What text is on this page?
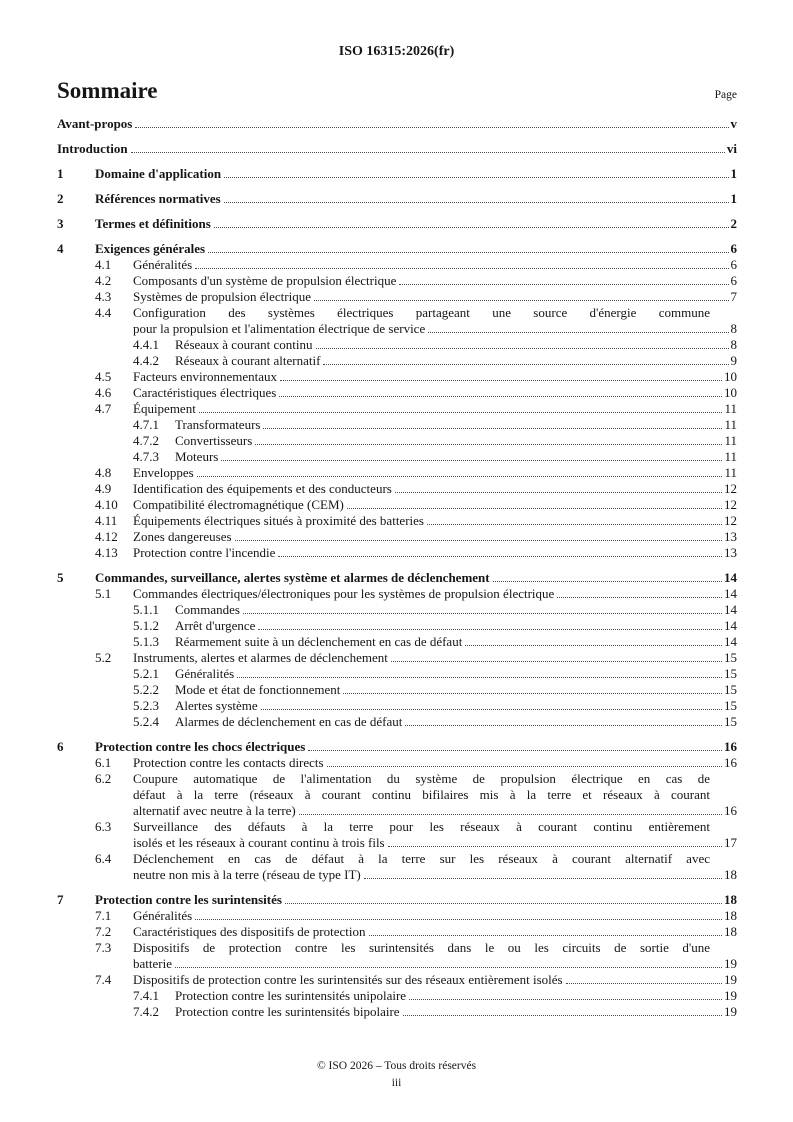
ISO 16315:2026(fr)
Sommaire	Page
Avant-propos	v
Introduction	vi
1	Domaine d'application	1
2	Références normatives	1
3	Termes et définitions	2
4	Exigences générales	6
4.1	Généralités	6
4.2	Composants d'un système de propulsion électrique	6
4.3	Systèmes de propulsion électrique	7
4.4	Configuration des systèmes électriques partageant une source d'énergie commune
pour la propulsion et l'alimentation électrique de service	8
4.4.1	Réseaux à courant continu	8
4.4.2	Réseaux à courant alternatif	9
4.5	Facteurs environnementaux	10
4.6	Caractéristiques électriques	10
4.7	Équipement	11
4.7.1	Transformateurs	11
4.7.2	Convertisseurs	11
4.7.3	Moteurs	11
4.8	Enveloppes	11
4.9	Identification des équipements et des conducteurs	12
4.10	Compatibilité électromagnétique (CEM)	12
4.11	Équipements électriques situés à proximité des batteries	12
4.12	Zones dangereuses	13
4.13	Protection contre l'incendie	13
5	Commandes, surveillance, alertes système et alarmes de déclenchement	14
5.1	Commandes électriques/électroniques pour les systèmes de propulsion électrique	14
5.1.1	Commandes	14
5.1.2	Arrêt d'urgence	14
5.1.3	Réarmement suite à un déclenchement en cas de défaut	14
5.2	Instruments, alertes et alarmes de déclenchement	15
5.2.1	Généralités	15
5.2.2	Mode et état de fonctionnement	15
5.2.3	Alertes système	15
5.2.4	Alarmes de déclenchement en cas de défaut	15
6	Protection contre les chocs électriques	16
6.1	Protection contre les contacts directs	16
6.2	Coupure automatique de l'alimentation du système de propulsion électrique en cas de
défaut à la terre (réseaux à courant continu bifilaires mis à la terre et réseaux à courant
alternatif avec neutre à la terre)	16
6.3	Surveillance des défauts à la terre pour les réseaux à courant continu entièrement
isolés et les réseaux à courant continu à trois fils	17
6.4	Déclenchement en cas de défaut à la terre sur les réseaux à courant alternatif avec
neutre non mis à la terre (réseau de type IT)	18
7	Protection contre les surintensités	18
7.1	Généralités	18
7.2	Caractéristiques des dispositifs de protection	18
7.3	Dispositifs de protection contre les surintensités dans le ou les circuits de sortie d'une
batterie	19
7.4	Dispositifs de protection contre les surintensités sur des réseaux entièrement isolés	19
7.4.1	Protection contre les surintensités unipolaire	19
7.4.2	Protection contre les surintensités bipolaire	19
© ISO 2026 – Tous droits réservés
iii
